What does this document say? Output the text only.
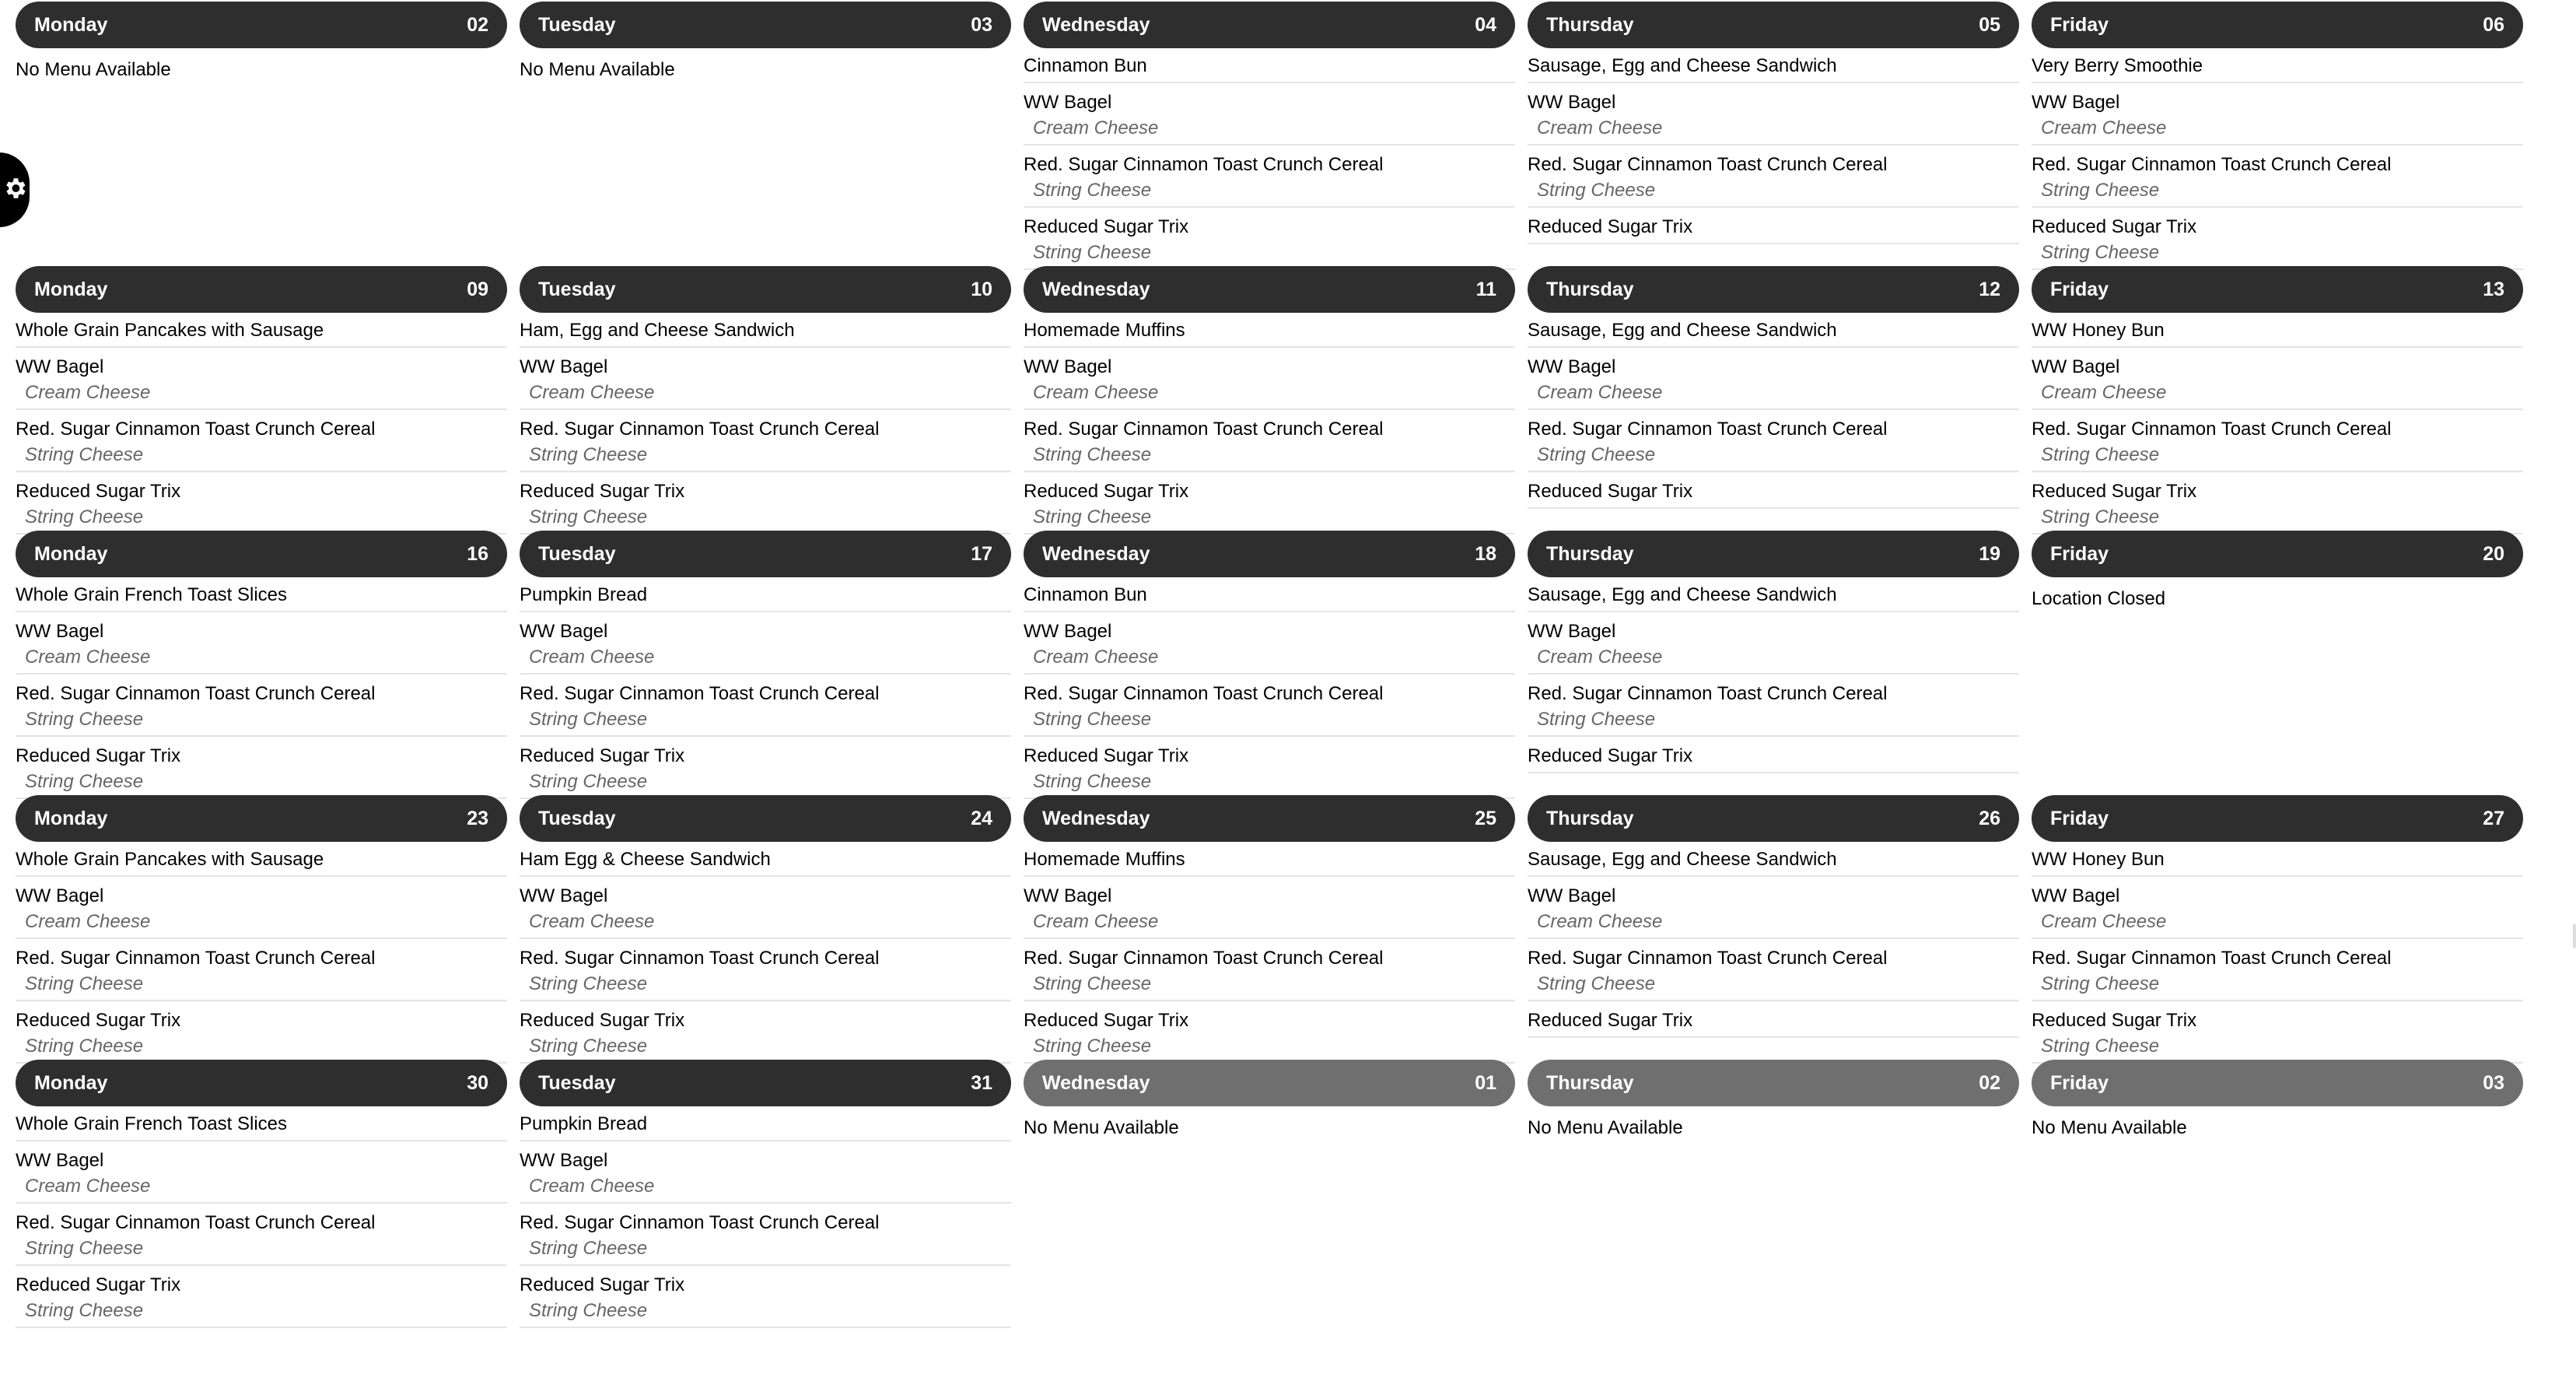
Monday	02
No Menu Available
Tuesday	03
No Menu Available
Wednesday	04
Cinnamon Bun
WW Bagel
Cream Cheese
Red. Sugar Cinnamon Toast Crunch Cereal
String Cheese
Reduced Sugar Trix
String Cheese
Thursday	05
Sausage, Egg and Cheese Sandwich
WW Bagel
Cream Cheese
Red. Sugar Cinnamon Toast Crunch Cereal
String Cheese
Reduced Sugar Trix
Friday	06
Very Berry Smoothie
WW Bagel
Cream Cheese
Red. Sugar Cinnamon Toast Crunch Cereal
String Cheese
Reduced Sugar Trix
String Cheese
Monday	09
Whole Grain Pancakes with Sausage
WW Bagel
Cream Cheese
Red. Sugar Cinnamon Toast Crunch Cereal
String Cheese
Reduced Sugar Trix
String Cheese
Tuesday	10
Ham, Egg and Cheese Sandwich
WW Bagel
Cream Cheese
Red. Sugar Cinnamon Toast Crunch Cereal
String Cheese
Reduced Sugar Trix
String Cheese
Wednesday	11
Homemade Muffins
WW Bagel
Cream Cheese
Red. Sugar Cinnamon Toast Crunch Cereal
String Cheese
Reduced Sugar Trix
String Cheese
Thursday	12
Sausage, Egg and Cheese Sandwich
WW Bagel
Cream Cheese
Red. Sugar Cinnamon Toast Crunch Cereal
String Cheese
Reduced Sugar Trix
Friday	13
WW Honey Bun
WW Bagel
Cream Cheese
Red. Sugar Cinnamon Toast Crunch Cereal
String Cheese
Reduced Sugar Trix
String Cheese
Monday	16
Whole Grain French Toast Slices
WW Bagel
Cream Cheese
Red. Sugar Cinnamon Toast Crunch Cereal
String Cheese
Reduced Sugar Trix
String Cheese
Tuesday	17
Pumpkin Bread
WW Bagel
Cream Cheese
Red. Sugar Cinnamon Toast Crunch Cereal
String Cheese
Reduced Sugar Trix
String Cheese
Wednesday	18
Cinnamon Bun
WW Bagel
Cream Cheese
Red. Sugar Cinnamon Toast Crunch Cereal
String Cheese
Reduced Sugar Trix
String Cheese
Thursday	19
Sausage, Egg and Cheese Sandwich
WW Bagel
Cream Cheese
Red. Sugar Cinnamon Toast Crunch Cereal
String Cheese
Reduced Sugar Trix
Friday	20
Location Closed
Monday	23
Whole Grain Pancakes with Sausage
WW Bagel
Cream Cheese
Red. Sugar Cinnamon Toast Crunch Cereal
String Cheese
Reduced Sugar Trix
String Cheese
Tuesday	24
Ham Egg & Cheese Sandwich
WW Bagel
Cream Cheese
Red. Sugar Cinnamon Toast Crunch Cereal
String Cheese
Reduced Sugar Trix
String Cheese
Wednesday	25
Homemade Muffins
WW Bagel
Cream Cheese
Red. Sugar Cinnamon Toast Crunch Cereal
String Cheese
Reduced Sugar Trix
String Cheese
Thursday	26
Sausage, Egg and Cheese Sandwich
WW Bagel
Cream Cheese
Red. Sugar Cinnamon Toast Crunch Cereal
String Cheese
Reduced Sugar Trix
Friday	27
WW Honey Bun
WW Bagel
Cream Cheese
Red. Sugar Cinnamon Toast Crunch Cereal
String Cheese
Reduced Sugar Trix
String Cheese
Monday	30
Whole Grain French Toast Slices
WW Bagel
Cream Cheese
Red. Sugar Cinnamon Toast Crunch Cereal
String Cheese
Reduced Sugar Trix
String Cheese
Tuesday	31
Pumpkin Bread
WW Bagel
Cream Cheese
Red. Sugar Cinnamon Toast Crunch Cereal
String Cheese
Reduced Sugar Trix
String Cheese
Wednesday	01
No Menu Available
Thursday	02
No Menu Available
Friday	03
No Menu Available
